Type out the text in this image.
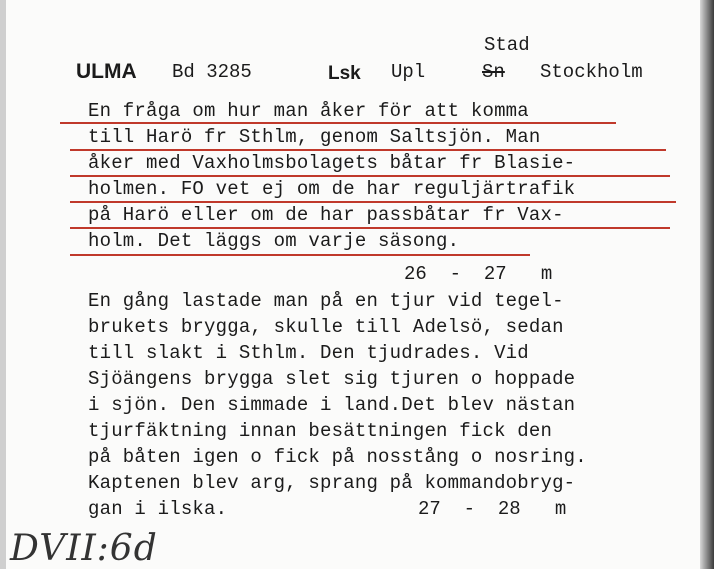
ULMA Bd 3285	Lsk Upl
Stad
Sn Stockholm
En fråga om hur man åker för att komma
till Harö fr Sthlm, genom Saltsjön. Man
åker med Vaxholmsbolagets båtar fr Blasie-
holmen. FO vet ej om de har reguljärtrafik
på Harö eller om de har passbåtar fr Vax-
holm. Det läggs om varje säsong.
26  -  27   m
En gång lastade man på en tjur vid tegel-
brukets brygga, skulle till Adelsö, sedan
till slakt i Sthlm. Den tjudrades. Vid
Sjöängens brygga slet sig tjuren o hoppade
i sjön. Den simmade i land.Det blev nästan
tjurfäktning innan besättningen fick den
på båten igen o fick på nosstång o nosring.
Kaptenen blev arg, sprang på kommandobryg-
gan i ilska.	27  -  28   m
DVII:6d
